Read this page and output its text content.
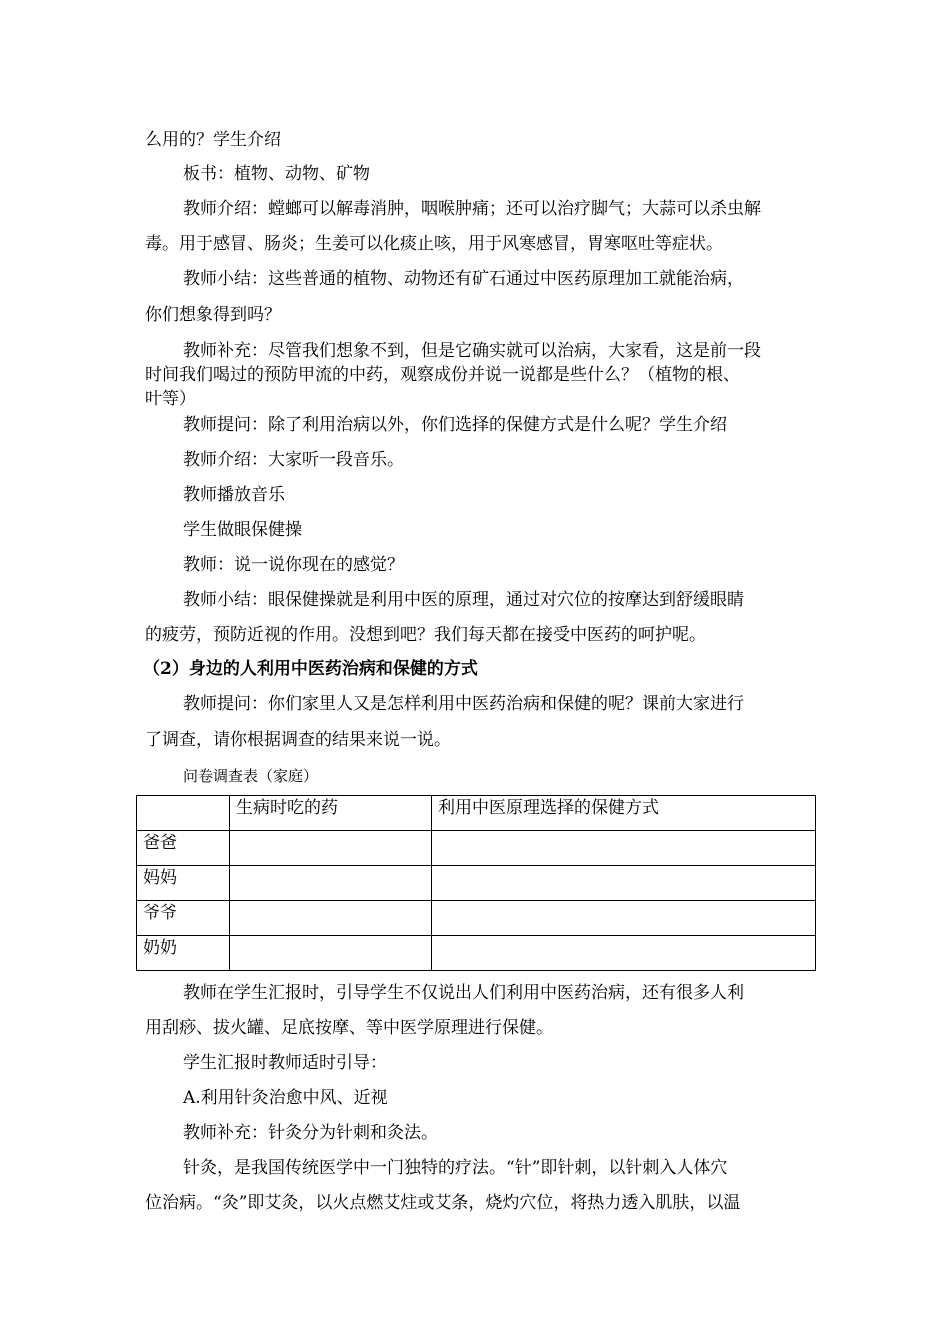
么用的？学生介绍
板书：植物、动物、矿物
教师介绍：螳螂可以解毒消肿，咽喉肿痛；还可以治疗脚气；大蒜可以杀虫解
毒。用于感冒、肠炎；生姜可以化痰止咳，用于风寒感冒，胃寒呕吐等症状。
教师小结：这些普通的植物、动物还有矿石通过中医药原理加工就能治病，
你们想象得到吗？
教师补充：尽管我们想象不到，但是它确实就可以治病，大家看，这是前一段
时间我们喝过的预防甲流的中药，观察成份并说一说都是些什么？（植物的根、
叶等）
教师提问：除了利用治病以外，你们选择的保健方式是什么呢？学生介绍
教师介绍：大家听一段音乐。
教师播放音乐
学生做眼保健操
教师：说一说你现在的感觉？
教师小结：眼保健操就是利用中医的原理，通过对穴位的按摩达到舒缓眼睛
的疲劳，预防近视的作用。没想到吧？我们每天都在接受中医药的呵护呢。
（2）身边的人利用中医药治病和保健的方式
教师提问：你们家里人又是怎样利用中医药治病和保健的呢？课前大家进行
了调查，请你根据调查的结果来说一说。
问卷调查表（家庭）
	生病时吃的药	利用中医原理选择的保健方式
爸爸		
妈妈		
爷爷		
奶奶		
教师在学生汇报时，引导学生不仅说出人们利用中医药治病，还有很多人利
用刮痧、拔火罐、足底按摩、等中医学原理进行保健。
学生汇报时教师适时引导：
A.利用针灸治愈中风、近视
教师补充：针灸分为针刺和灸法。
针灸，是我国传统医学中一门独特的疗法。“针”即针刺，以针刺入人体穴
位治病。“灸”即艾灸，以火点燃艾炷或艾条，烧灼穴位，将热力透入肌肤，以温
